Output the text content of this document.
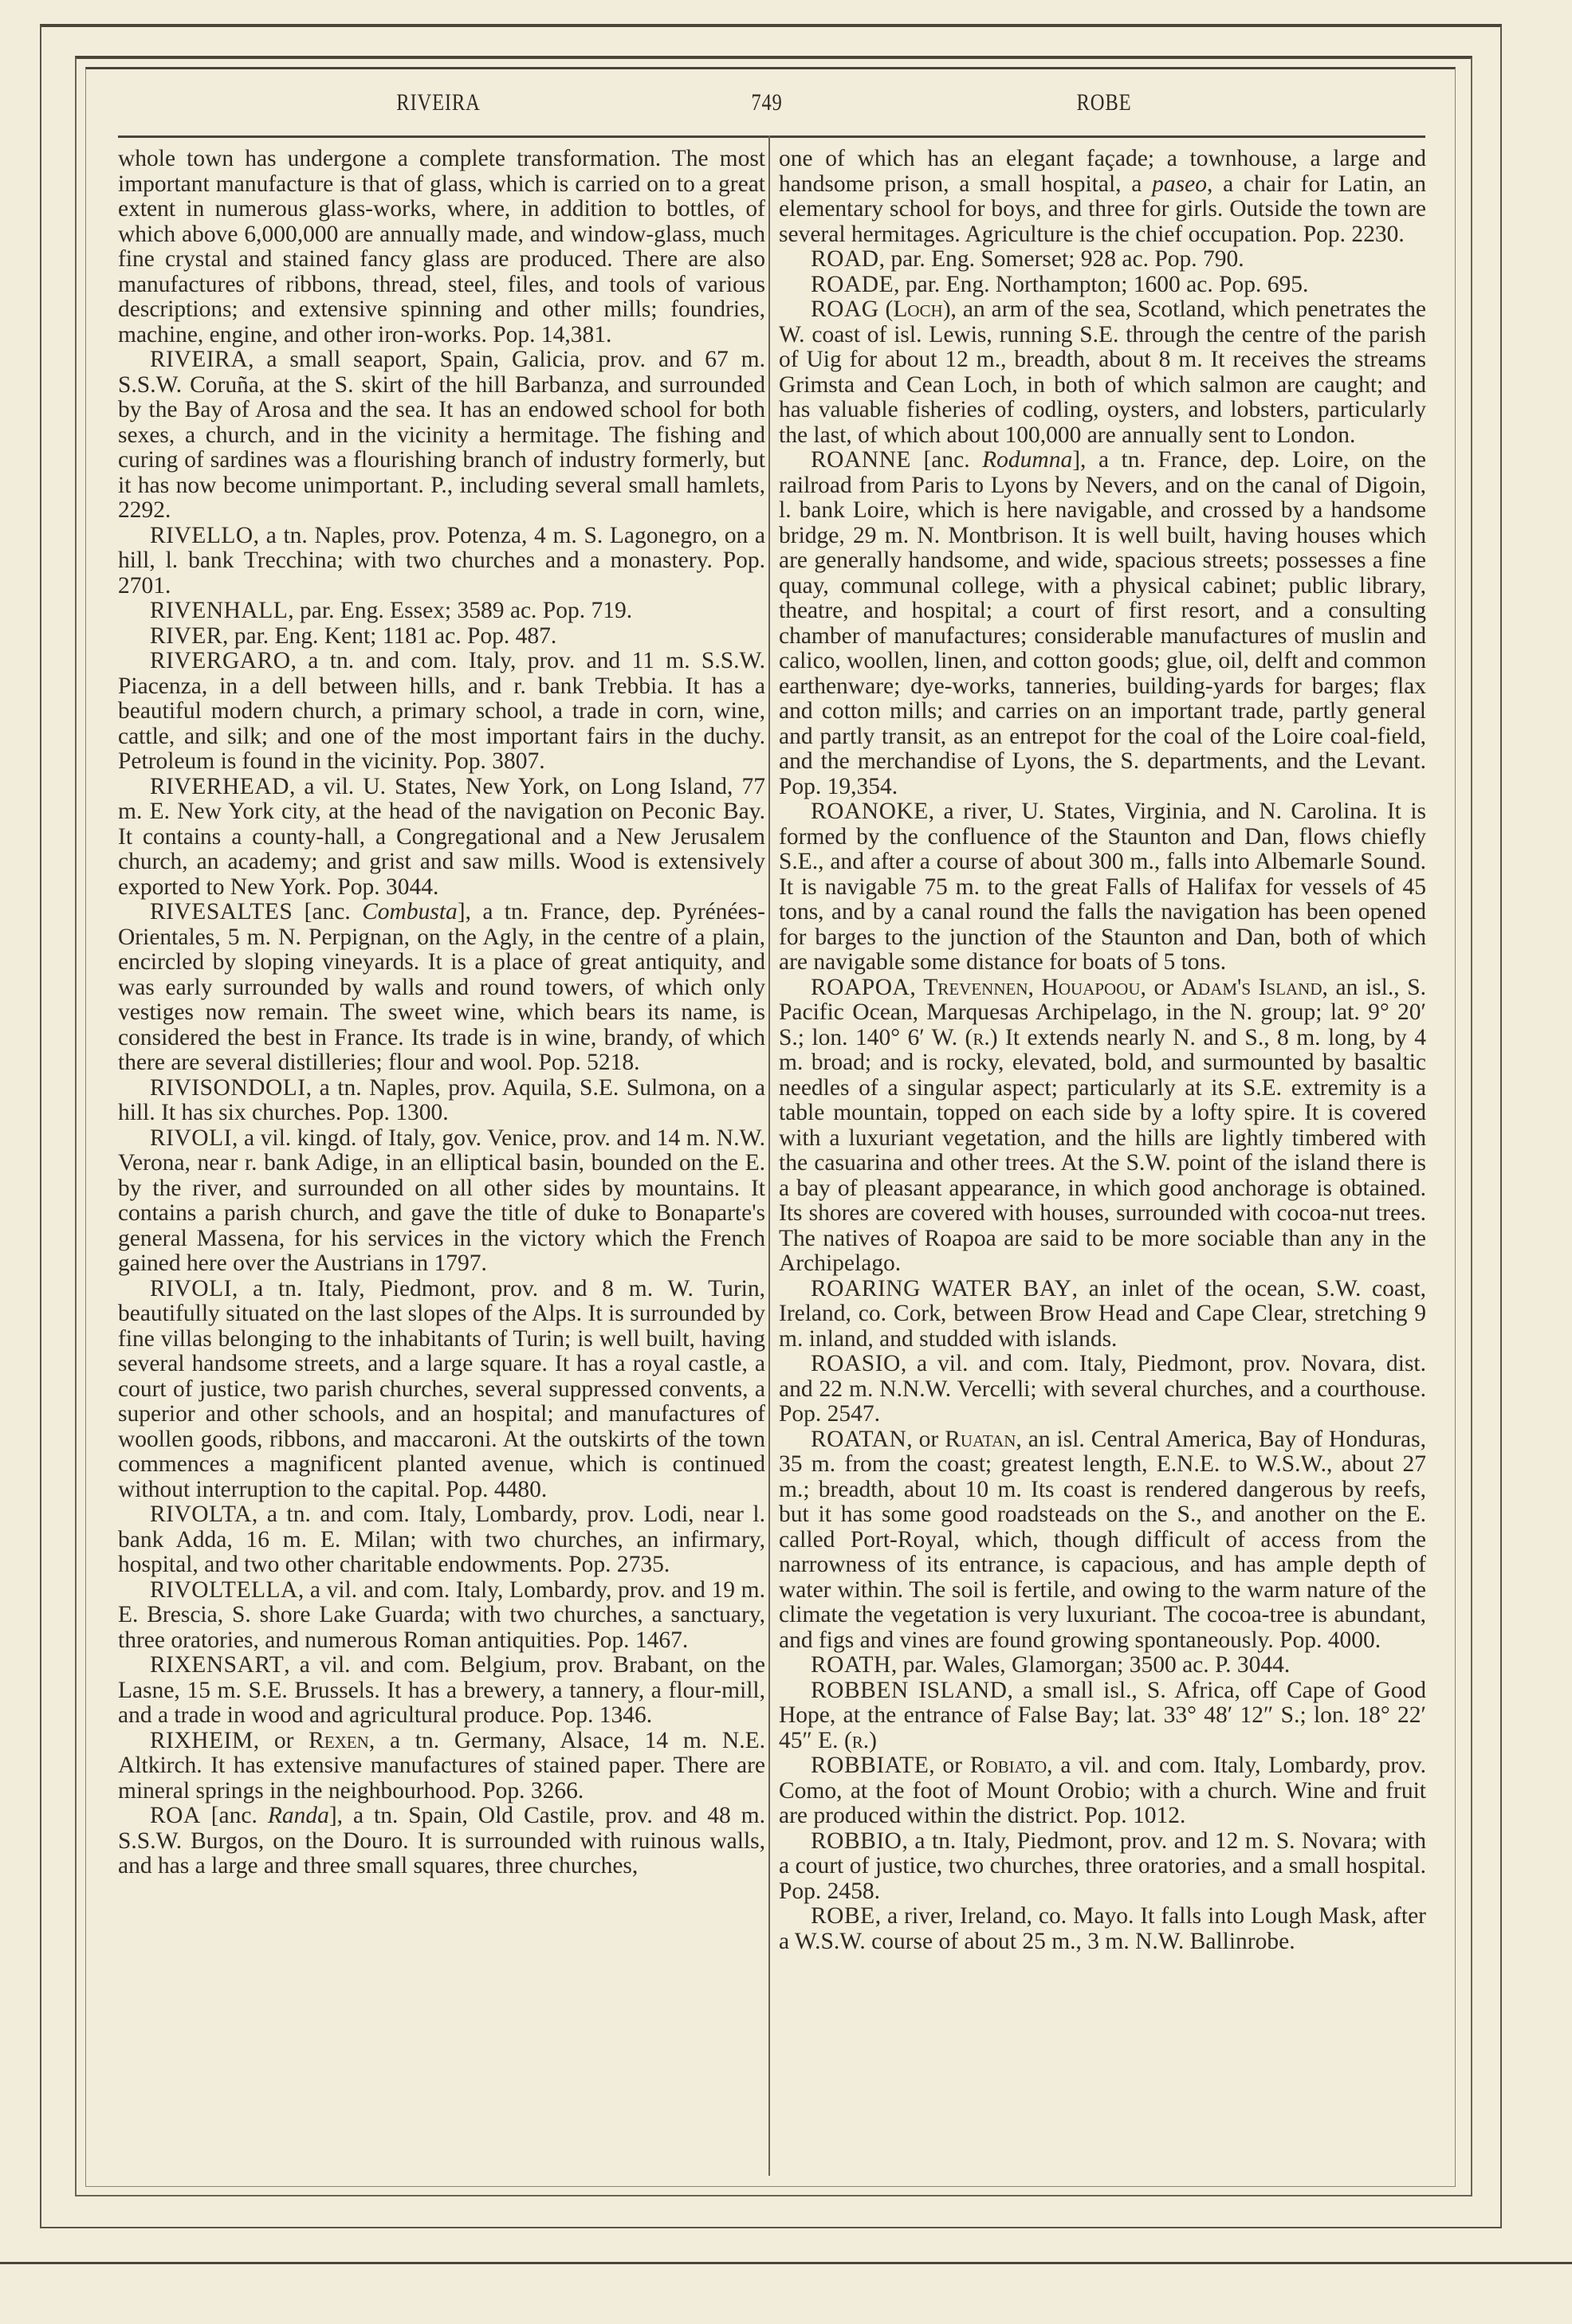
RIVEIRA	749	ROBE

whole town has undergone a complete transformation. The most important manufacture is that of glass, which is carried on to a great extent in numerous glass-works, where, in addition to bottles, of which above 6,000,000 are annually made, and window-glass, much fine crystal and stained fancy glass are produced. There are also manufactures of ribbons, thread, steel, files, and tools of various descriptions; and extensive spinning and other mills; foundries, machine, engine, and other iron-works. Pop. 14,381.

RIVEIRA, a small seaport, Spain, Galicia, prov. and 67 m. S.S.W. Coruña, at the S. skirt of the hill Barbanza, and surrounded by the Bay of Arosa and the sea. It has an endowed school for both sexes, a church, and in the vicinity a hermitage. The fishing and curing of sardines was a flourishing branch of industry formerly, but it has now become unimportant. P., including several small hamlets, 2292.

RIVELLO, a tn. Naples, prov. Potenza, 4 m. S. Lagonegro, on a hill, l. bank Trecchina; with two churches and a monastery. Pop. 2701.

RIVENHALL, par. Eng. Essex; 3589 ac. Pop. 719.

RIVER, par. Eng. Kent; 1181 ac. Pop. 487.

RIVERGARO, a tn. and com. Italy, prov. and 11 m. S.S.W. Piacenza, in a dell between hills, and r. bank Trebbia. It has a beautiful modern church, a primary school, a trade in corn, wine, cattle, and silk; and one of the most important fairs in the duchy. Petroleum is found in the vicinity. Pop. 3807.

RIVERHEAD, a vil. U. States, New York, on Long Island, 77 m. E. New York city, at the head of the navigation on Peconic Bay. It contains a county-hall, a Congregational and a New Jerusalem church, an academy; and grist and saw mills. Wood is extensively exported to New York. Pop. 3044.

RIVESALTES [anc. Combusta], a tn. France, dep. Pyrénées-Orientales, 5 m. N. Perpignan, on the Agly, in the centre of a plain, encircled by sloping vineyards. It is a place of great antiquity, and was early surrounded by walls and round towers, of which only vestiges now remain. The sweet wine, which bears its name, is considered the best in France. Its trade is in wine, brandy, of which there are several distilleries; flour and wool. Pop. 5218.

RIVISONDOLI, a tn. Naples, prov. Aquila, S.E. Sulmona, on a hill. It has six churches. Pop. 1300.

RIVOLI, a vil. kingd. of Italy, gov. Venice, prov. and 14 m. N.W. Verona, near r. bank Adige, in an elliptical basin, bounded on the E. by the river, and surrounded on all other sides by mountains. It contains a parish church, and gave the title of duke to Bonaparte's general Massena, for his services in the victory which the French gained here over the Austrians in 1797.

RIVOLI, a tn. Italy, Piedmont, prov. and 8 m. W. Turin, beautifully situated on the last slopes of the Alps. It is surrounded by fine villas belonging to the inhabitants of Turin; is well built, having several handsome streets, and a large square. It has a royal castle, a court of justice, two parish churches, several suppressed convents, a superior and other schools, and an hospital; and manufactures of woollen goods, ribbons, and maccaroni. At the outskirts of the town commences a magnificent planted avenue, which is continued without interruption to the capital. Pop. 4480.

RIVOLTA, a tn. and com. Italy, Lombardy, prov. Lodi, near l. bank Adda, 16 m. E. Milan; with two churches, an infirmary, hospital, and two other charitable endowments. Pop. 2735.

RIVOLTELLA, a vil. and com. Italy, Lombardy, prov. and 19 m. E. Brescia, S. shore Lake Guarda; with two churches, a sanctuary, three oratories, and numerous Roman antiquities. Pop. 1467.

RIXENSART, a vil. and com. Belgium, prov. Brabant, on the Lasne, 15 m. S.E. Brussels. It has a brewery, a tannery, a flour-mill, and a trade in wood and agricultural produce. Pop. 1346.

RIXHEIM, or Rexen, a tn. Germany, Alsace, 14 m. N.E. Altkirch. It has extensive manufactures of stained paper. There are mineral springs in the neighbourhood. Pop. 3266.

ROA [anc. Randa], a tn. Spain, Old Castile, prov. and 48 m. S.S.W. Burgos, on the Douro. It is surrounded with ruinous walls, and has a large and three small squares, three churches,

one of which has an elegant façade; a townhouse, a large and handsome prison, a small hospital, a paseo, a chair for Latin, an elementary school for boys, and three for girls. Outside the town are several hermitages. Agriculture is the chief occupation. Pop. 2230.

ROAD, par. Eng. Somerset; 928 ac. Pop. 790.

ROADE, par. Eng. Northampton; 1600 ac. Pop. 695.

ROAG (Loch), an arm of the sea, Scotland, which penetrates the W. coast of isl. Lewis, running S.E. through the centre of the parish of Uig for about 12 m., breadth, about 8 m. It receives the streams Grimsta and Cean Loch, in both of which salmon are caught; and has valuable fisheries of codling, oysters, and lobsters, particularly the last, of which about 100,000 are annually sent to London.

ROANNE [anc. Rodumna], a tn. France, dep. Loire, on the railroad from Paris to Lyons by Nevers, and on the canal of Digoin, l. bank Loire, which is here navigable, and crossed by a handsome bridge, 29 m. N. Montbrison. It is well built, having houses which are generally handsome, and wide, spacious streets; possesses a fine quay, communal college, with a physical cabinet; public library, theatre, and hospital; a court of first resort, and a consulting chamber of manufactures; considerable manufactures of muslin and calico, woollen, linen, and cotton goods; glue, oil, delft and common earthenware; dye-works, tanneries, building-yards for barges; flax and cotton mills; and carries on an important trade, partly general and partly transit, as an entrepot for the coal of the Loire coal-field, and the merchandise of Lyons, the S. departments, and the Levant. Pop. 19,354.

ROANOKE, a river, U. States, Virginia, and N. Carolina. It is formed by the confluence of the Staunton and Dan, flows chiefly S.E., and after a course of about 300 m., falls into Albemarle Sound. It is navigable 75 m. to the great Falls of Halifax for vessels of 45 tons, and by a canal round the falls the navigation has been opened for barges to the junction of the Staunton and Dan, both of which are navigable some distance for boats of 5 tons.

ROAPOA, Trevennen, Houapoou, or Adam's Island, an isl., S. Pacific Ocean, Marquesas Archipelago, in the N. group; lat. 9° 20′ S.; lon. 140° 6′ W. (r.) It extends nearly N. and S., 8 m. long, by 4 m. broad; and is rocky, elevated, bold, and surmounted by basaltic needles of a singular aspect; particularly at its S.E. extremity is a table mountain, topped on each side by a lofty spire. It is covered with a luxuriant vegetation, and the hills are lightly timbered with the casuarina and other trees. At the S.W. point of the island there is a bay of pleasant appearance, in which good anchorage is obtained. Its shores are covered with houses, surrounded with cocoa-nut trees. The natives of Roapoa are said to be more sociable than any in the Archipelago.

ROARING WATER BAY, an inlet of the ocean, S.W. coast, Ireland, co. Cork, between Brow Head and Cape Clear, stretching 9 m. inland, and studded with islands.

ROASIO, a vil. and com. Italy, Piedmont, prov. Novara, dist. and 22 m. N.N.W. Vercelli; with several churches, and a courthouse. Pop. 2547.

ROATAN, or Ruatan, an isl. Central America, Bay of Honduras, 35 m. from the coast; greatest length, E.N.E. to W.S.W., about 27 m.; breadth, about 10 m. Its coast is rendered dangerous by reefs, but it has some good roadsteads on the S., and another on the E. called Port-Royal, which, though difficult of access from the narrowness of its entrance, is capacious, and has ample depth of water within. The soil is fertile, and owing to the warm nature of the climate the vegetation is very luxuriant. The cocoa-tree is abundant, and figs and vines are found growing spontaneously. Pop. 4000.

ROATH, par. Wales, Glamorgan; 3500 ac. P. 3044.

ROBBEN ISLAND, a small isl., S. Africa, off Cape of Good Hope, at the entrance of False Bay; lat. 33° 48′ 12″ S.; lon. 18° 22′ 45″ E. (r.)

ROBBIATE, or Robiato, a vil. and com. Italy, Lombardy, prov. Como, at the foot of Mount Orobio; with a church. Wine and fruit are produced within the district. Pop. 1012.

ROBBIO, a tn. Italy, Piedmont, prov. and 12 m. S. Novara; with a court of justice, two churches, three oratories, and a small hospital. Pop. 2458.

ROBE, a river, Ireland, co. Mayo. It falls into Lough Mask, after a W.S.W. course of about 25 m., 3 m. N.W. Ballinrobe.
